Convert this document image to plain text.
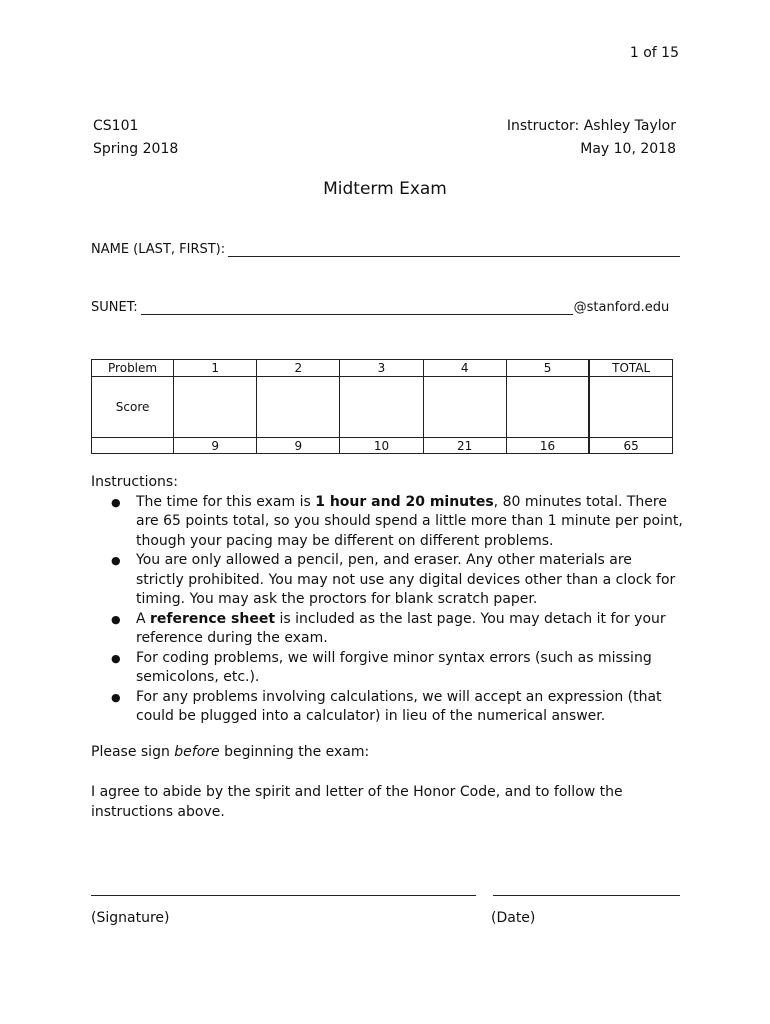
1 of 15
CS101
Spring 2018
Instructor: Ashley Taylor
May 10, 2018
Midterm Exam
NAME (LAST, FIRST):
SUNET:	@stanford.edu
Problem	1	2	3	4	5	TOTAL
Score						
	9	9	10	21	16	65
Instructions:
● The time for this exam is 1 hour and 20 minutes, 80 minutes total. There are 65 points total, so you should spend a little more than 1 minute per point, though your pacing may be different on different problems.
● You are only allowed a pencil, pen, and eraser. Any other materials are strictly prohibited. You may not use any digital devices other than a clock for timing. You may ask the proctors for blank scratch paper.
● A reference sheet is included as the last page. You may detach it for your reference during the exam.
● For coding problems, we will forgive minor syntax errors (such as missing semicolons, etc.).
● For any problems involving calculations, we will accept an expression (that could be plugged into a calculator) in lieu of the numerical answer.
Please sign before beginning the exam:
I agree to abide by the spirit and letter of the Honor Code, and to follow the instructions above.
(Signature)	(Date)
